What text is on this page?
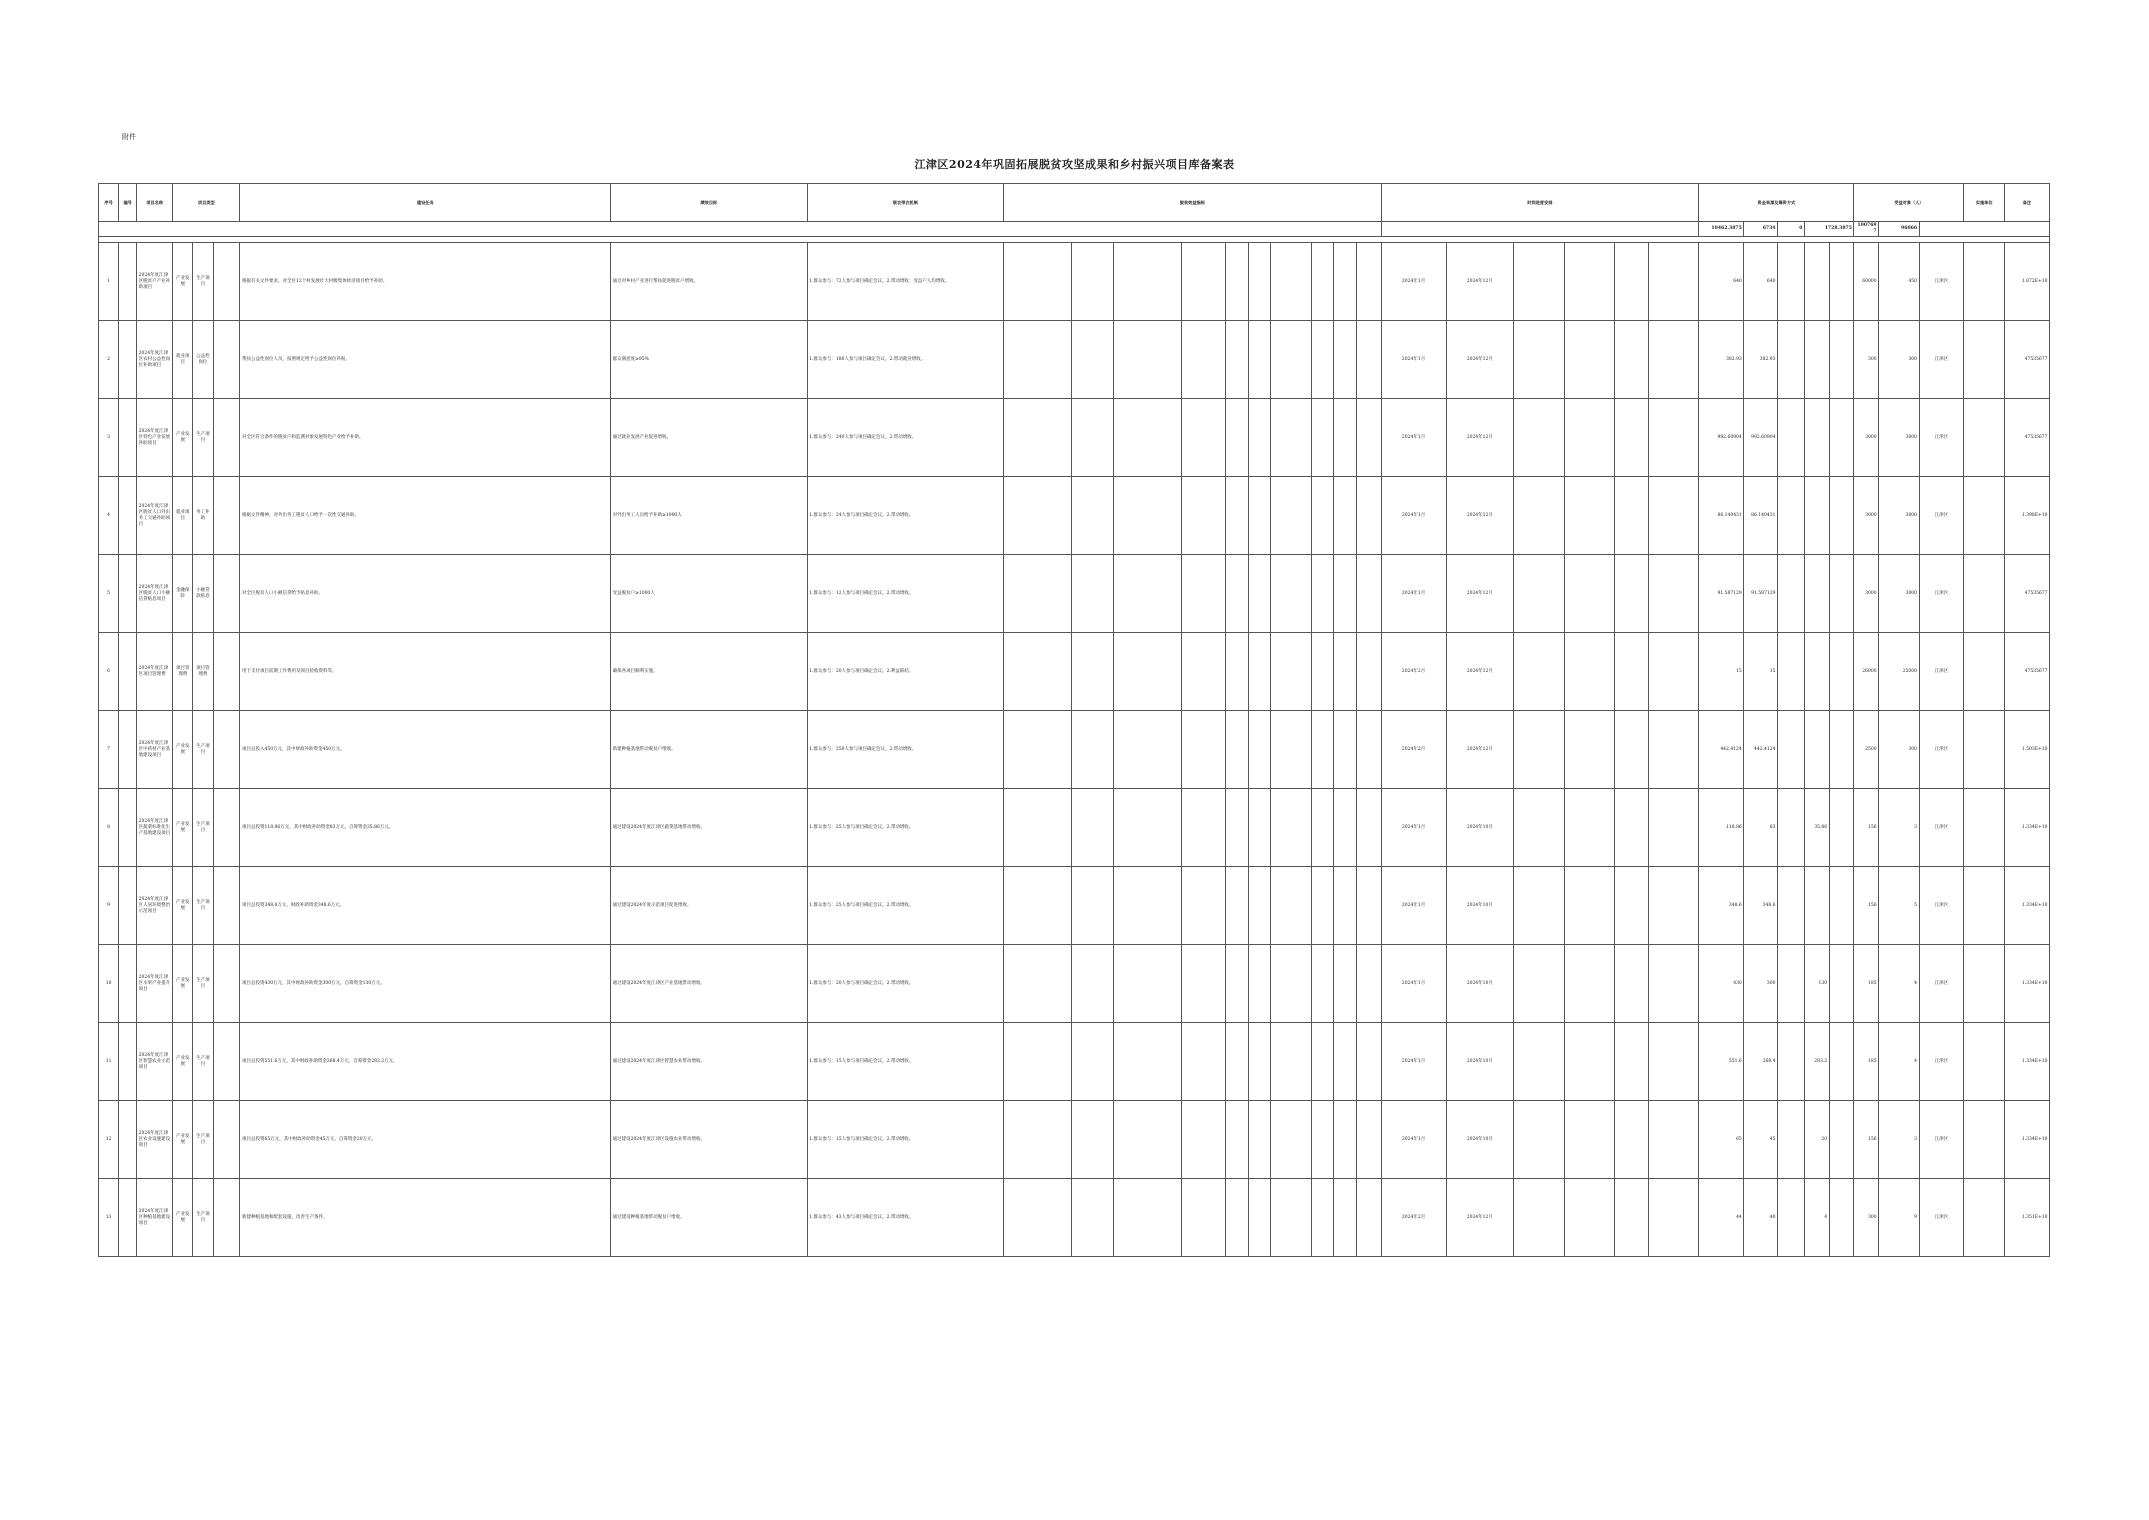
附件
江津区2024年巩固拓展脱贫攻坚成果和乡村振兴项目库备案表
序号	编号	项目名称	项目类型			建设任务	绩效目标	联农带农机制	脱贫效益指标										时间进度安排						资金来源及筹资方式					受益对象（人）			实施单位	备注
																									10462.3875	6734	0	1728.3875		1007697	96066			

1		2024年度江津区脱贫户产业补助项目	产业发展	生产项目		根据有关文件要求，对全区12个村发展壮大村级集体经济项目给予补助。	通过对乡村产业进行帮扶促进脱贫户增收。	1.群众参与：72人参与项目确定会议。2.带动增收：受益户人均增收。											2024年1月	2024年12月					640	640				60000	450	江津区		1.872E+10
2		2024年度江津区农村公益性岗位补助项目	就业项目	公益性岗位		帮扶公益性岗位人员，按照规定给予公益性岗位补贴。	群众满意度≥95%	1.群众参与：180人参与项目确定会议。2.带动就业增收。											2024年1月	2024年12月					382.93	382.93				300	300	江津区		47535677
3		2024年度江津区特色产业发展补助项目	产业发展	生产项目		对全区符合条件的脱贫户和监测对象发展特色产业给予补助。	通过就业发展产业促进增收。	1.群众参与：240人参与项目确定会议。2.带动增收。											2024年1月	2024年12月					992.60904	992.60904				3000	3000	江津区		47535677
4		2024年度江津区脱贫人口外出务工交通补助项目	就业项目	务工补助		根据文件精神，对外出务工脱贫人口给予一次性交通补助。	对外出务工人员给予补助≥1000人	1.群众参与：24人参与项目确定会议。2.带动增收。											2024年1月	2024年12月					86.140431	86.140431				3000	3000	江津区		1.398E+10
5		2024年度江津区脱贫人口小额信贷贴息项目	金融保险	小额贷款贴息		对全区脱贫人口小额信贷给予贴息补助。	受益脱贫户≥1000人	1.群众参与：12人参与项目确定会议。2.带动增收。											2024年1月	2024年12月					91.587129	91.587129				3000	3000	江津区		47535677
6		2024年度江津区项目管理费	项目管理费	项目管理费		用于支付项目前期工作费用及项目验收资料等。	确保各项目顺利实施。	1.群众参与：20人参与项目确定会议。2.利益联结。											2024年2月	2024年12月					15	15				26000	25000	江津区		47535677
7		2024年度江津区中药材产业基地建设项目	产业发展	生产项目		项目总投入450万元，其中财政补助资金450万元。	新建种植基地带动脱贫户增收。	1.群众参与：250人参与项目确定会议。2.带动增收。											2024年2月	2024年12月					442.4124	442.4124				2500	300	江津区		1.503E+10
8		2024年度江津区蔬菜标准化生产基地建设项目	产业发展	生产项目		项目总投资118.86万元，其中财政补助资金83万元，自筹资金35.86万元。	通过建设2024年度江津区蔬菜基地带动增收。	1.群众参与：25人参与项目确定会议。2.带动增收。											2024年1月	2024年10月					118.86	83		35.86		156	3	江津区		1.334E+10
9		2024年度江津区人居环境整治示范项目	产业发展	生产项目		项目总投资348.6万元，财政补助资金348.6万元。	通过建设2024年度示范项目促进增收。	1.群众参与：25人参与项目确定会议。2.带动增收。											2024年1月	2024年10月					348.6	348.6				156	5	江津区		1.334E+10
10		2024年度江津区水果产业提升项目	产业发展	生产项目		项目总投资430万元，其中财政补助资金300万元，自筹资金130万元。	通过建设2024年度江津区产业基地带动增收。	1.群众参与：20人参与项目确定会议。2.带动增收。											2024年1月	2024年10月					430	300		130		185	4	江津区		1.334E+10
11		2024年度江津区智慧农业示范项目	产业发展	生产项目		项目总投资551.6万元，其中财政补助资金268.4万元，自筹资金283.2万元。	通过建设2024年度江津区智慧农业带动增收。	1.群众参与：15人参与项目确定会议。2.带动增收。											2024年1月	2024年10月					551.6	268.4		283.2		185	4	江津区		1.334E+10
12		2024年度江津区农业设施建设项目	产业发展	生产项目		项目总投资65万元，其中财政补助资金45万元，自筹资金20万元。	通过建设2024年度江津区设施农业带动增收。	1.群众参与：15人参与项目确定会议。2.带动增收。											2024年1月	2024年10月					65	45		20		156	3	江津区		1.334E+10
13		2024年度江津区种植基地建设项目	产业发展	生产项目		新建种植基地和配套设施，改善生产条件。	通过建设种植基地带动脱贫户增收。	1.群众参与：43人参与项目确定会议。2.带动增收。											2024年2月	2024年12月					44	40		4		300	9	江津区		1.351E+10
